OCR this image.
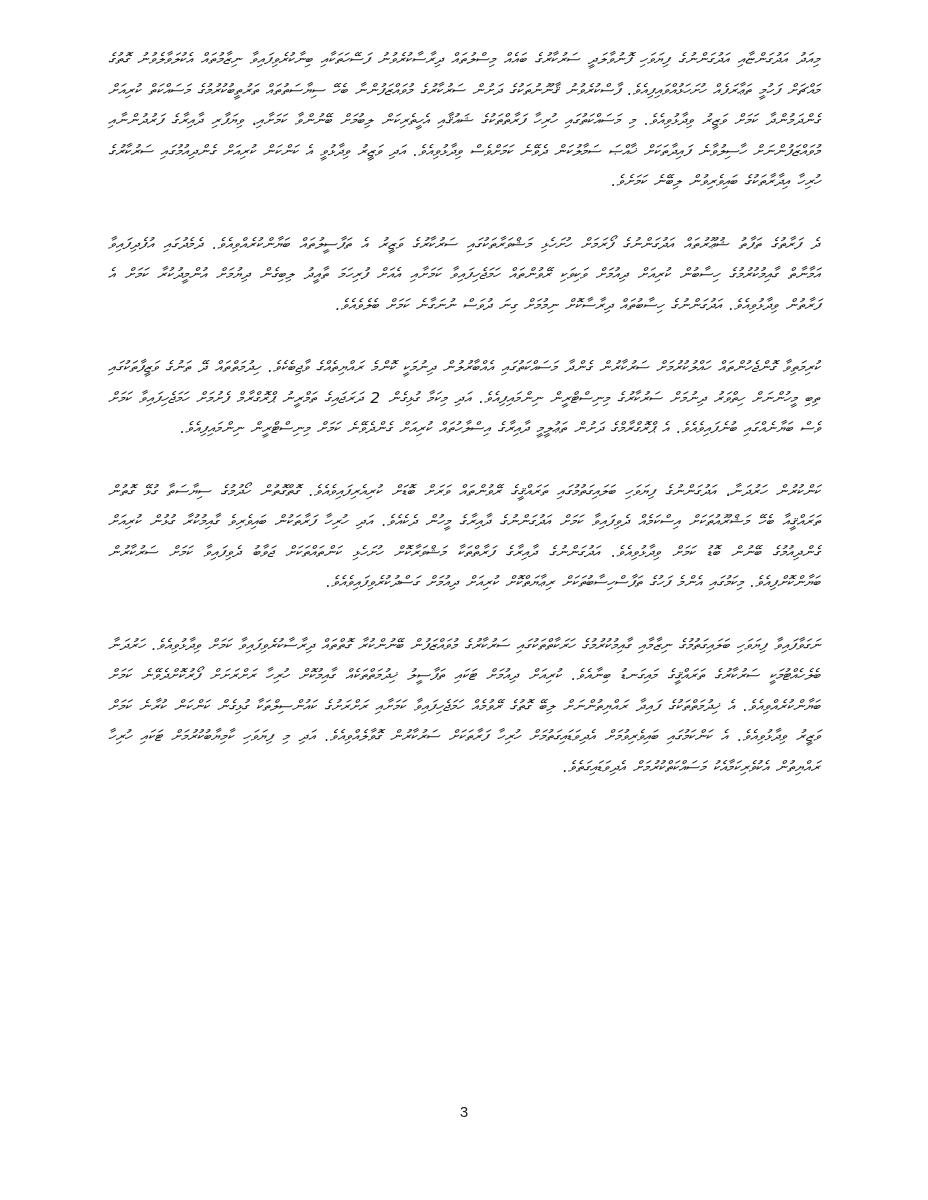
މިއަދު އަދުގަންޏާއި އަދުގަންނުގެ ފިޔަވަހި ފޮނުވާލަދީ ސަރުކާރުގެ ބައެއް މިސްލުތައް ދިރާސާކުރެވުނު ފަސޭހަތަކާއި ބިނާކުރެވިފައިވާ ނިޒާމުތައް އެކުލަވާލެވުނު ގޮތުގެ މައްޗަށް ފަހުމީ ތަޢާރަފެއް ހުށަހަޅުއްވައިފިއެވެ. ފާސްކުރެވުނު ޤާނޫނުތަކުގެ ދަށުން ސަރުކާރުގެ މުވައްޒަފުންނާ ބެހޭ ސިޔާސަތުތައް ތަރުތީބުކުރުމުގެ މަސައްކަތް ކުރިއަށް ގެންދަމުންދާ ކަމަށް ވަޒީރު ވިދާޅުވިއެވެ. މި މަސައްކަތުގައި ހުރިހާ ފަރާތްތަކުގެ ޝައުޤާއި އެހީތެރިކަން ލިބުމަށް ބޭނުންވާ ކަމަށާއި، ވިޔަފާރި ދާއިރާގެ ފަރުދުންނާއި މުވައްޒަފުންނަށް ހާސިލުވާނެ ފައިދާތަކަށް ޚާއްޞަ ސަމާލުކަން ދެވޭނެ ކަމަށްވެސް ވިދާޅުވިއެވެ. އަދި ވަޒީރު ވިދާޅުވީ އެ ކަންކަން ކުރިއަށް ގެންދިއުމުގައި ސަރުކާރުގެ ހުރިހާ އިދާރާތަކުގެ ބައިވެރިވުން ލިބޭނެ ކަމަށެވެ.

ދެ ފަރާތުގެ ތަފާތު ޝުޢޫރުތައް އަދުގަންނުގެ ފޯރަމަށް ހުށަހެޅި މަޝްވަރާތަކުގައި ސަރުކާރުގެ ވަޒީރު އެ ތަފާސީލުތައް ބަޔާންކުރެއްވިއެވެ. ދެމެދުގައި އުފެދިފައިވާ އަމާނާތް ގާއިމުކުރުމުގެ ހިސާބުން ކުރިއަށް ދިއުމަށް ވަކިވަކި ރޭވުންތައް ހަމަޖެހިފައިވާ ކަމަށާއި އެއަށް ފުރިހަމަ ތާއީދު ލިބިގެން ދިޔުމަށް އުންމީދުކުރާ ކަމަށް އެ ފަރާތުން ވިދާޅުވިއެވެ. އަދުގަންނުގެ ހިސާބުތައް ދިރާސާކޮށް ނިމުމަށް ގިނަ ދުވަސް ނުނަގާނެ ކަމަށް ބެލެވެއެވެ.

ކުރިމަތިވާ ގޮންޖެހުންތައް ހައްލުކުރުމަށް ސަރުކާރުން ގެންދާ މަސައްކަތުގައި އެއްބާރުލުން ދިނުމަކީ ކޮންމެ ރައްޔިތެއްގެ ވާޖިބެކެވެ. ހިދުމަތްތައް ދޭ ތަނުގެ ވަޒީފާތަކުގައި ތިބި މީހުންނަށް ހިތްވަރު ދިނުމަށް ސަރުކާރުގެ މިނިސްޓްރީން ނިންމައިފިއެވެ. އަދި މިކަމާ ގުޅިގެން 2 ދަރަޖައިގެ ތަމްރީނު ޕްރޮގްރާމް ފެށުމަށް ހަމަޖެހިފައިވާ ކަމަށް ވެސް ބަޔާނެއްގައި ބުނެފައިވެއެވެ. އެ ޕްރޮގްރާމްގެ ދަށުން ތަޢުލީމީ ދާއިރާގެ އިސްލާހުތައް ކުރިއަށް ގެންދެވޭނެ ކަމަށް މިނިސްޓްރީން ނިންމައިފިއެވެ.

ކަންކުރުން ހަރުދަނާ، އަދުގަންނުގެ ފިޔަވަހި ބަލައިގަތުމުގައި ތަރައްޤީގެ ރޭވުންތައް ވަރަށް ބޮޑަށް ކުރިއެރިފައިވެއެވެ. ގޮތްގޮތުން ހޯދުމުގެ ސިޔާސަތާ ގުޅޭ ގޮތުން ތަރައްޤީއާ ބެހޭ މަޝްރޫއުތަކަށް އިސްކަމެއް ދެވިފައިވާ ކަމަށް އަދުގަންނުގެ ދާއިރާގެ މީހުން ދެކެއެވެ. އަދި ހުރިހާ ފަރާތަކުން ބައިވެރިވެ ގާއިމުކުރާ ގުޅުން ކުރިއަށް ގެންދިއުމުގެ ބޭނުން ބޮޑު ކަމަށް ވިދާޅުވިއެވެ. އަދުގަންނުގެ ދާއިރާގެ ފަރާތްތަކާ މަޝްވަރާކޮށް ހުށަހެޅި ކަންތައްތަކަށް ޖަވާބު ދެވިފައިވާ ކަމަށް ސަރުކާރުން ބަޔާންކޮށްފިއެވެ. މިކަމުގައި އެންމެ ފަހުގެ ތަފާސްހިސާބުތަކަށް ރިޢާޔަތްކޮށް ކުރިއަށް ދިއުމަށް ގަސްދުކުރެވިފައިވެއެވެ.

ނަގަވާފައިވާ ފިޔަވަހި ބަލައިގަތުމުގެ ނިޒާމާއި ގާއިމުކުރުމުގެ ހަރަކާތްތަކުގައި ސަރުކާރުގެ މުވައްޒަފުން ބޭނުންކުރާ ގޮތްތައް ދިރާސާކުރެވިފައިވާ ކަމަށް ވިދާޅުވިއެވެ. ހަރުދަނާ ބެލެހެއްޓުމަކީ ސަރުކާރުގެ ތަރައްޤީގެ މައިގަނޑު ބިނާއެވެ. ކުރިއަށް ދިއުމަށް ޓަކައި ތަފާސީލު ޚިދުމަތްތަކެއް ގާއިމުކޮށް ހުރިހާ ރަށްރަށަށް ފޯރުކޮށްދެވޭނެ ކަމަށް ބަޔާންކުރެއްވިއެވެ. އެ ޚިދުމަތްތަކުގެ ފައިދާ ރައްޔިތުންނަށް ލިބޭ ގޮތުގެ ރޭވުމެއް ހަމަޖެހިފައިވާ ކަމަށާއި ރަށްރަށުގެ ކައުންސިލްތަކާ ގުޅިގެން ކަންކަން ކުރާނެ ކަމަށް ވަޒީރު ވިދާޅުވިއެވެ. އެ ކަންކަމުގައި ބައިވެރިވުމަށް އެދިވަޑައިގަތުމަށް ހުރިހާ ފަރާތަކަށް ސަރުކާރުން ގޮވާލެއްވިއެވެ. އަދި މި ފިޔަވަހި ކާމިޔާބުކުރުމަށް ޓަކައި ހުރިހާ ރައްޔިތުން އެކުވެރިކަމާއެކު މަސައްކަތްކުރުމަށް އެދިވަޑައިގަތެވެ.

3
